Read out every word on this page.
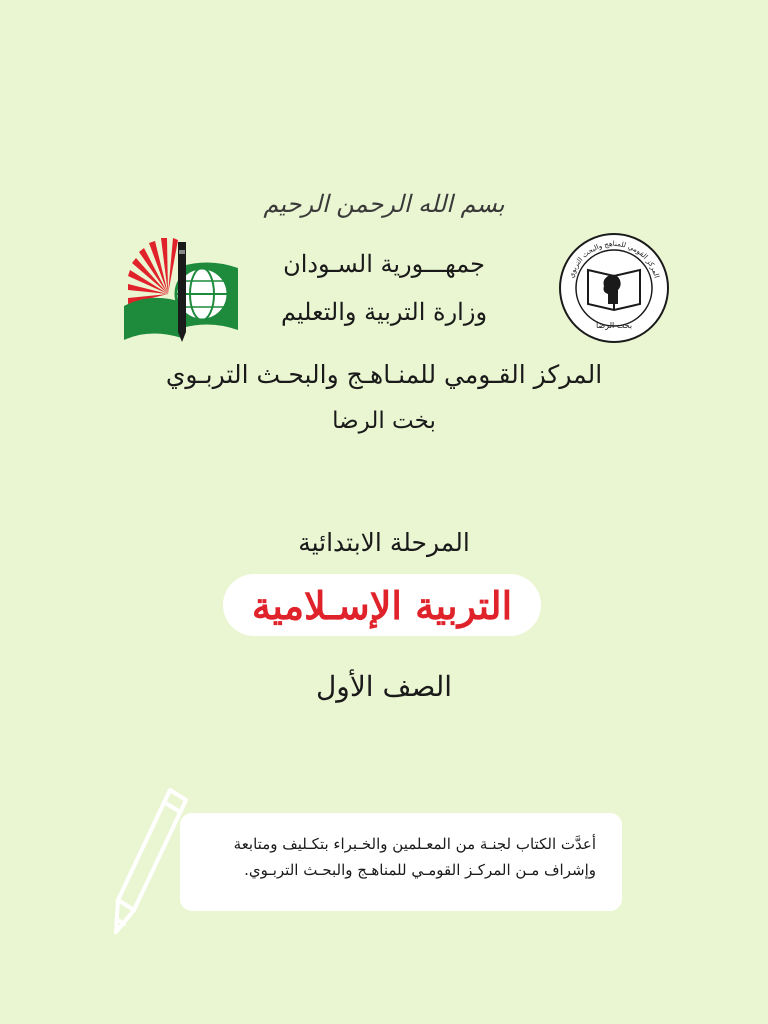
بسم الله الرحمن الرحيم
المركز القومي للمناهج والبحث التربوي
بخت الرضا
جمهـــورية السـودان
وزارة التربية والتعليم
المركز القـومي للمنـاهـج والبحـث التربـوي
بخت الرضا
المرحلة الابتدائية
التربية الإسـلامية
الصف الأول
أعدَّت الكتاب لجنـة من المعـلمين والخـبراء بتكـليف ومتابعة
وإشراف مـن المركـز القومـي للمناهـج والبحـث التربـوي.
